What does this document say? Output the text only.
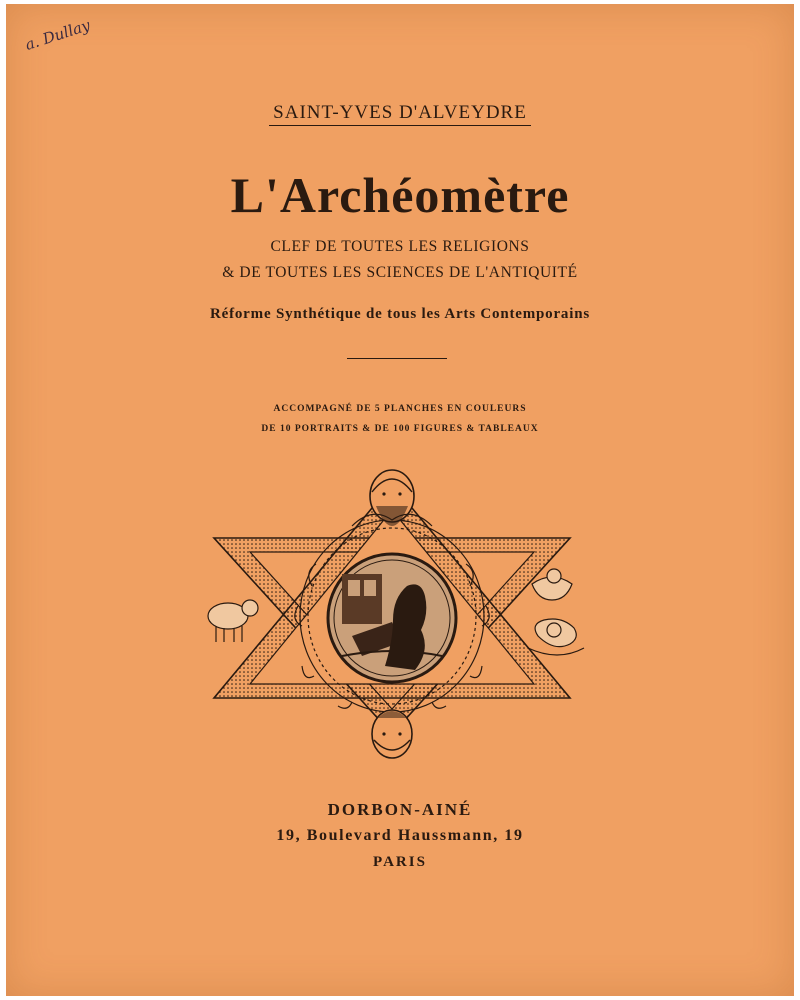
a. Dullay
SAINT-YVES D'ALVEYDRE
L'Archéomètre
CLEF DE TOUTES LES RELIGIONS
& DE TOUTES LES SCIENCES DE L'ANTIQUITÉ
Réforme Synthétique de tous les Arts Contemporains
ACCOMPAGNÉ DE 5 PLANCHES EN COULEURS
DE 10 PORTRAITS & DE 100 FIGURES & TABLEAUX
DORBON-AINÉ
19, Boulevard Haussmann, 19
PARIS
